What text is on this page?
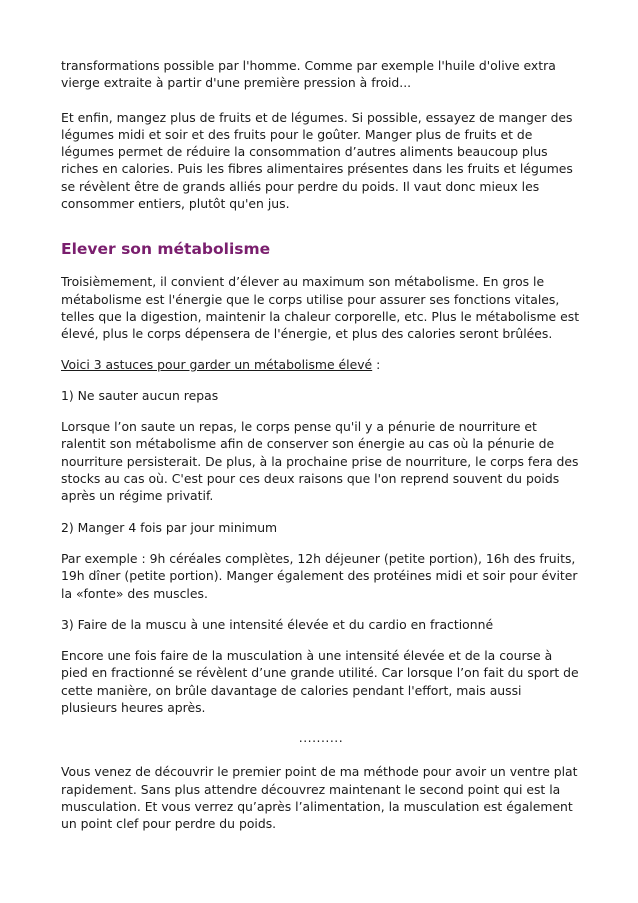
transformations possible par l'homme. Comme par exemple l'huile d'olive extra vierge extraite à partir d'une première pression à froid...

Et enfin, mangez plus de fruits et de légumes. Si possible, essayez de manger des légumes midi et soir et des fruits pour le goûter. Manger plus de fruits et de légumes permet de réduire la consommation d’autres aliments beaucoup plus riches en calories. Puis les fibres alimentaires présentes dans les fruits et légumes se révèlent être de grands alliés pour perdre du poids. Il vaut donc mieux les consommer entiers, plutôt qu'en jus.

Elever son métabolisme

Troisièmement, il convient d’élever au maximum son métabolisme. En gros le métabolisme est l'énergie que le corps utilise pour assurer ses fonctions vitales, telles que la digestion, maintenir la chaleur corporelle, etc. Plus le métabolisme est élevé, plus le corps dépensera de l'énergie, et plus des calories seront brûlées.

Voici 3 astuces pour garder un métabolisme élevé :

1) Ne sauter aucun repas

Lorsque l’on saute un repas, le corps pense qu'il y a pénurie de nourriture et ralentit son métabolisme afin de conserver son énergie au cas où la pénurie de nourriture persisterait. De plus, à la prochaine prise de nourriture, le corps fera des stocks au cas où. C'est pour ces deux raisons que l'on reprend souvent du poids après un régime privatif.

2) Manger 4 fois par jour minimum

Par exemple : 9h céréales complètes, 12h déjeuner (petite portion), 16h des fruits, 19h dîner (petite portion). Manger également des protéines midi et soir pour éviter la «fonte» des muscles.

3) Faire de la muscu à une intensité élevée et du cardio en fractionné

Encore une fois faire de la musculation à une intensité élevée et de la course à pied en fractionné se révèlent d’une grande utilité. Car lorsque l’on fait du sport de cette manière, on brûle davantage de calories pendant l'effort, mais aussi plusieurs heures après.

..........

Vous venez de découvrir le premier point de ma méthode pour avoir un ventre plat rapidement. Sans plus attendre découvrez maintenant le second point qui est la musculation. Et vous verrez qu’après l’alimentation, la musculation est également un point clef pour perdre du poids.
